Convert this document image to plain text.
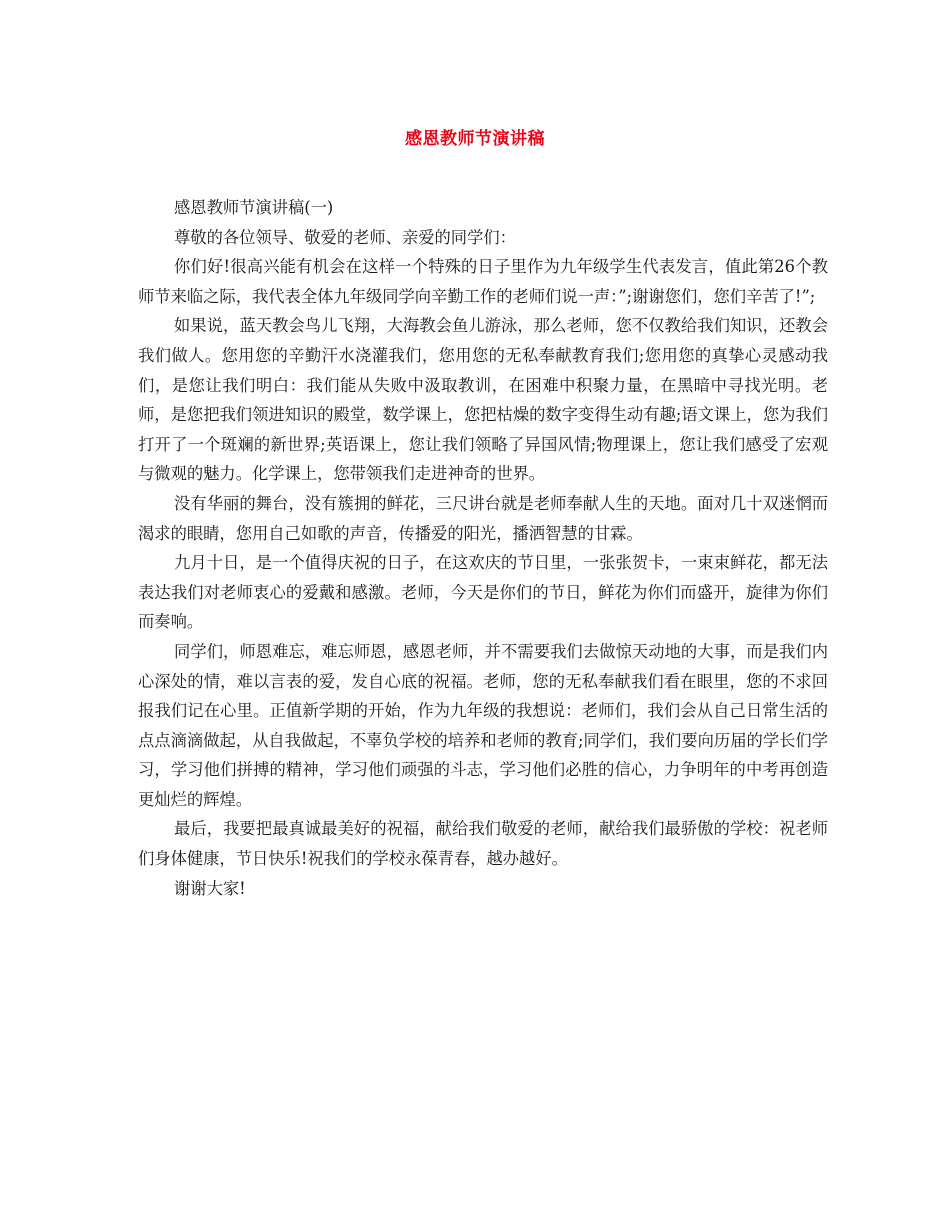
感恩教师节演讲稿

感恩教师节演讲稿(一)

尊敬的各位领导、敬爱的老师、亲爱的同学们：

你们好!很高兴能有机会在这样一个特殊的日子里作为九年级学生代表发言，值此第26个教师节来临之际，我代表全体九年级同学向辛勤工作的老师们说一声：”;谢谢您们，您们辛苦了!”;

如果说，蓝天教会鸟儿飞翔，大海教会鱼儿游泳，那么老师，您不仅教给我们知识，还教会我们做人。您用您的辛勤汗水浇灌我们，您用您的无私奉献教育我们;您用您的真挚心灵感动我们，是您让我们明白：我们能从失败中汲取教训，在困难中积聚力量，在黑暗中寻找光明。老师，是您把我们领进知识的殿堂，数学课上，您把枯燥的数字变得生动有趣;语文课上，您为我们打开了一个斑斓的新世界;英语课上，您让我们领略了异国风情;物理课上，您让我们感受了宏观与微观的魅力。化学课上，您带领我们走进神奇的世界。

没有华丽的舞台，没有簇拥的鲜花，三尺讲台就是老师奉献人生的天地。面对几十双迷惘而渴求的眼睛，您用自己如歌的声音，传播爱的阳光，播洒智慧的甘霖。

九月十日，是一个值得庆祝的日子，在这欢庆的节日里，一张张贺卡，一束束鲜花，都无法表达我们对老师衷心的爱戴和感激。老师，今天是你们的节日，鲜花为你们而盛开，旋律为你们而奏响。

同学们，师恩难忘，难忘师恩，感恩老师，并不需要我们去做惊天动地的大事，而是我们内心深处的情，难以言表的爱，发自心底的祝福。老师，您的无私奉献我们看在眼里，您的不求回报我们记在心里。正值新学期的开始，作为九年级的我想说：老师们，我们会从自己日常生活的点点滴滴做起，从自我做起，不辜负学校的培养和老师的教育;同学们，我们要向历届的学长们学习，学习他们拼搏的精神，学习他们顽强的斗志，学习他们必胜的信心，力争明年的中考再创造更灿烂的辉煌。

最后，我要把最真诚最美好的祝福，献给我们敬爱的老师，献给我们最骄傲的学校：祝老师们身体健康，节日快乐!祝我们的学校永葆青春，越办越好。

谢谢大家!
